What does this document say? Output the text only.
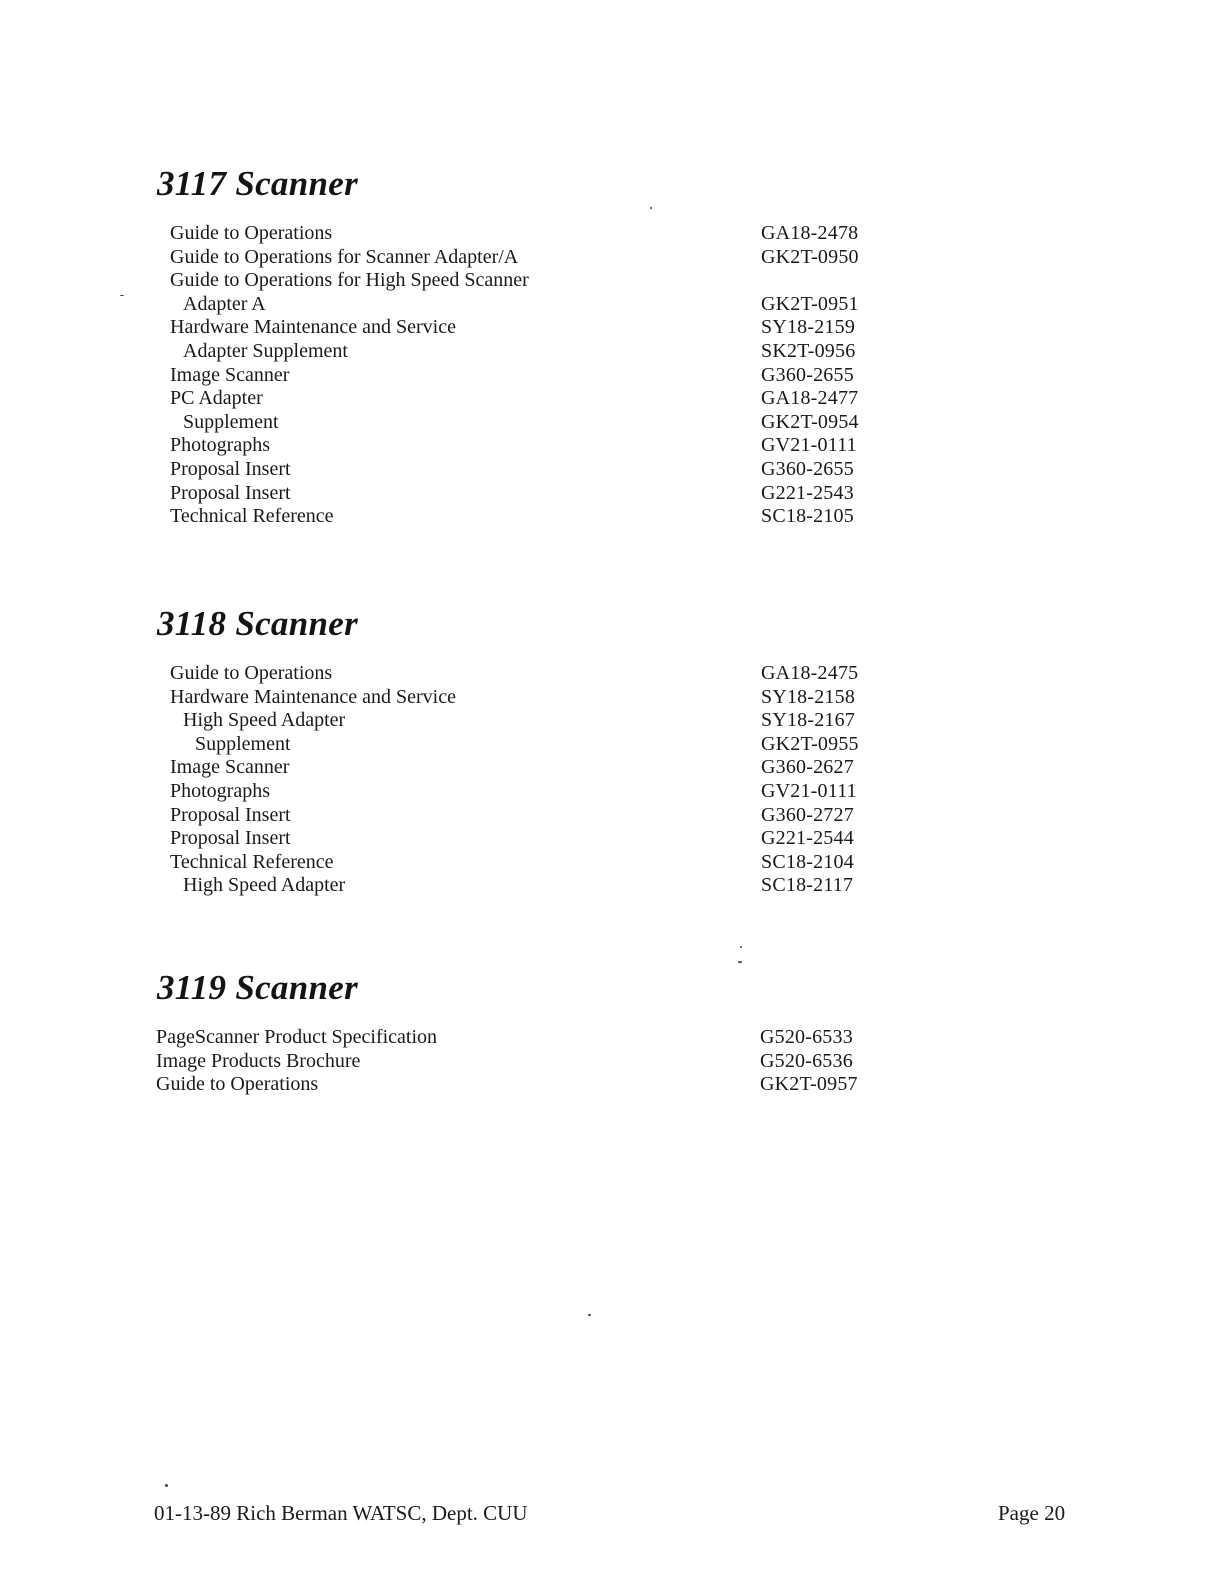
3117 Scanner
Guide to Operations	GA18-2478
Guide to Operations for Scanner Adapter/A	GK2T-0950
Guide to Operations for High Speed Scanner
Adapter A	GK2T-0951
Hardware Maintenance and Service	SY18-2159
Adapter Supplement	SK2T-0956
Image Scanner	G360-2655
PC Adapter	GA18-2477
Supplement	GK2T-0954
Photographs	GV21-0111
Proposal Insert	G360-2655
Proposal Insert	G221-2543
Technical Reference	SC18-2105
3118 Scanner
Guide to Operations	GA18-2475
Hardware Maintenance and Service	SY18-2158
High Speed Adapter	SY18-2167
Supplement	GK2T-0955
Image Scanner	G360-2627
Photographs	GV21-0111
Proposal Insert	G360-2727
Proposal Insert	G221-2544
Technical Reference	SC18-2104
High Speed Adapter	SC18-2117
3119 Scanner
PageScanner Product Specification	G520-6533
Image Products Brochure	G520-6536
Guide to Operations	GK2T-0957
01-13-89 Rich Berman WATSC, Dept. CUU	Page 20
